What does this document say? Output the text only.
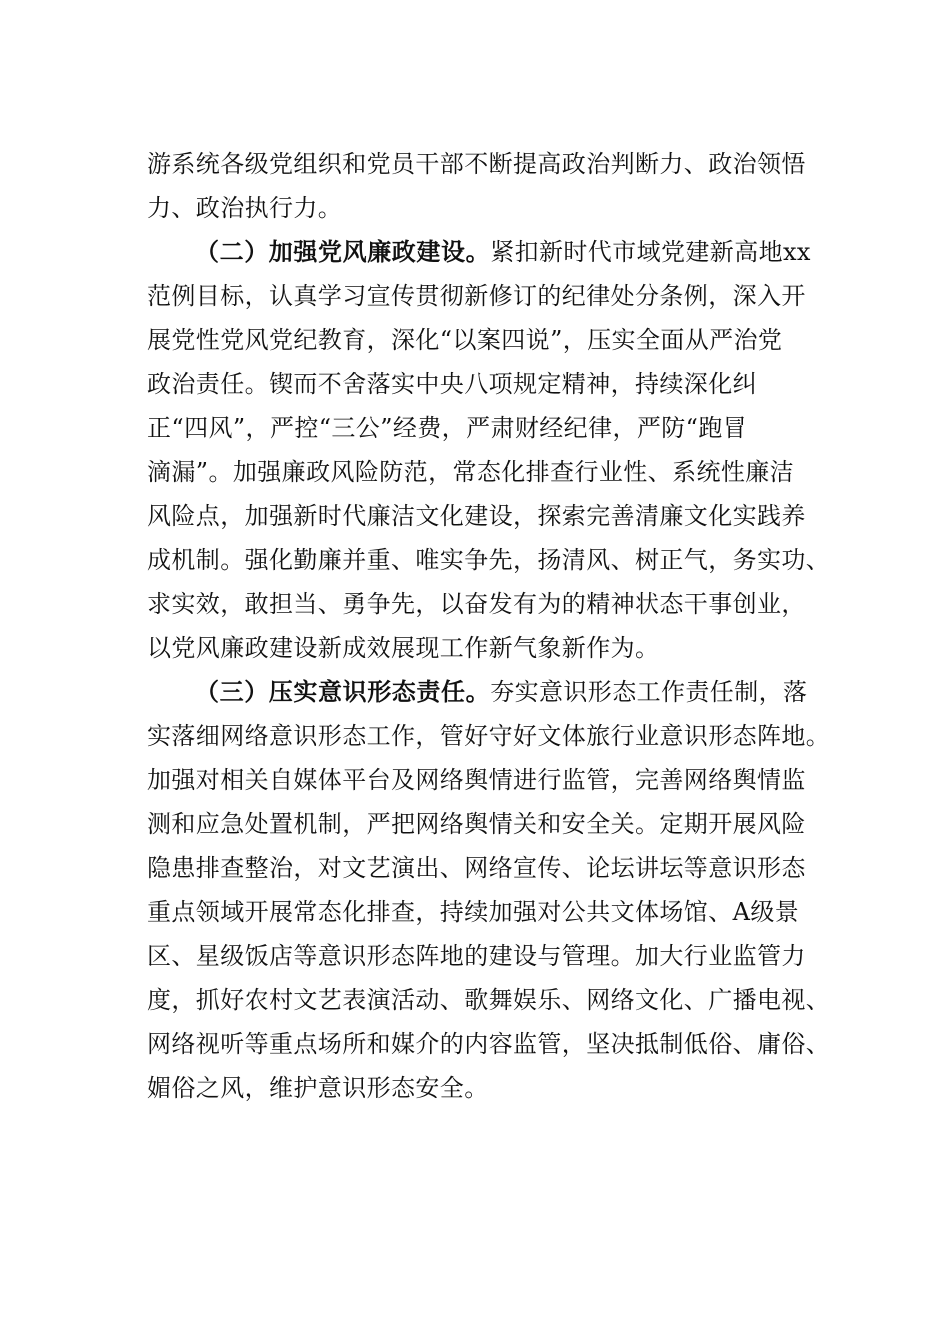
游系统各级党组织和党员干部不断提高政治判断力、政治领悟
力、政治执行力。
（二）加强党风廉政建设。紧扣新时代市域党建新高地xx
范例目标，认真学习宣传贯彻新修订的纪律处分条例，深入开
展党性党风党纪教育，深化“以案四说”，压实全面从严治党
政治责任。锲而不舍落实中央八项规定精神，持续深化纠
正“四风”，严控“三公”经费，严肃财经纪律，严防“跑冒
滴漏”。加强廉政风险防范，常态化排查行业性、系统性廉洁
风险点，加强新时代廉洁文化建设，探索完善清廉文化实践养
成机制。强化勤廉并重、唯实争先，扬清风、树正气，务实功、
求实效，敢担当、勇争先，以奋发有为的精神状态干事创业，
以党风廉政建设新成效展现工作新气象新作为。
（三）压实意识形态责任。夯实意识形态工作责任制，落
实落细网络意识形态工作，管好守好文体旅行业意识形态阵地。
加强对相关自媒体平台及网络舆情进行监管，完善网络舆情监
测和应急处置机制，严把网络舆情关和安全关。定期开展风险
隐患排查整治，对文艺演出、网络宣传、论坛讲坛等意识形态
重点领域开展常态化排查，持续加强对公共文体场馆、A级景
区、星级饭店等意识形态阵地的建设与管理。加大行业监管力
度，抓好农村文艺表演活动、歌舞娱乐、网络文化、广播电视、
网络视听等重点场所和媒介的内容监管，坚决抵制低俗、庸俗、
媚俗之风，维护意识形态安全。
